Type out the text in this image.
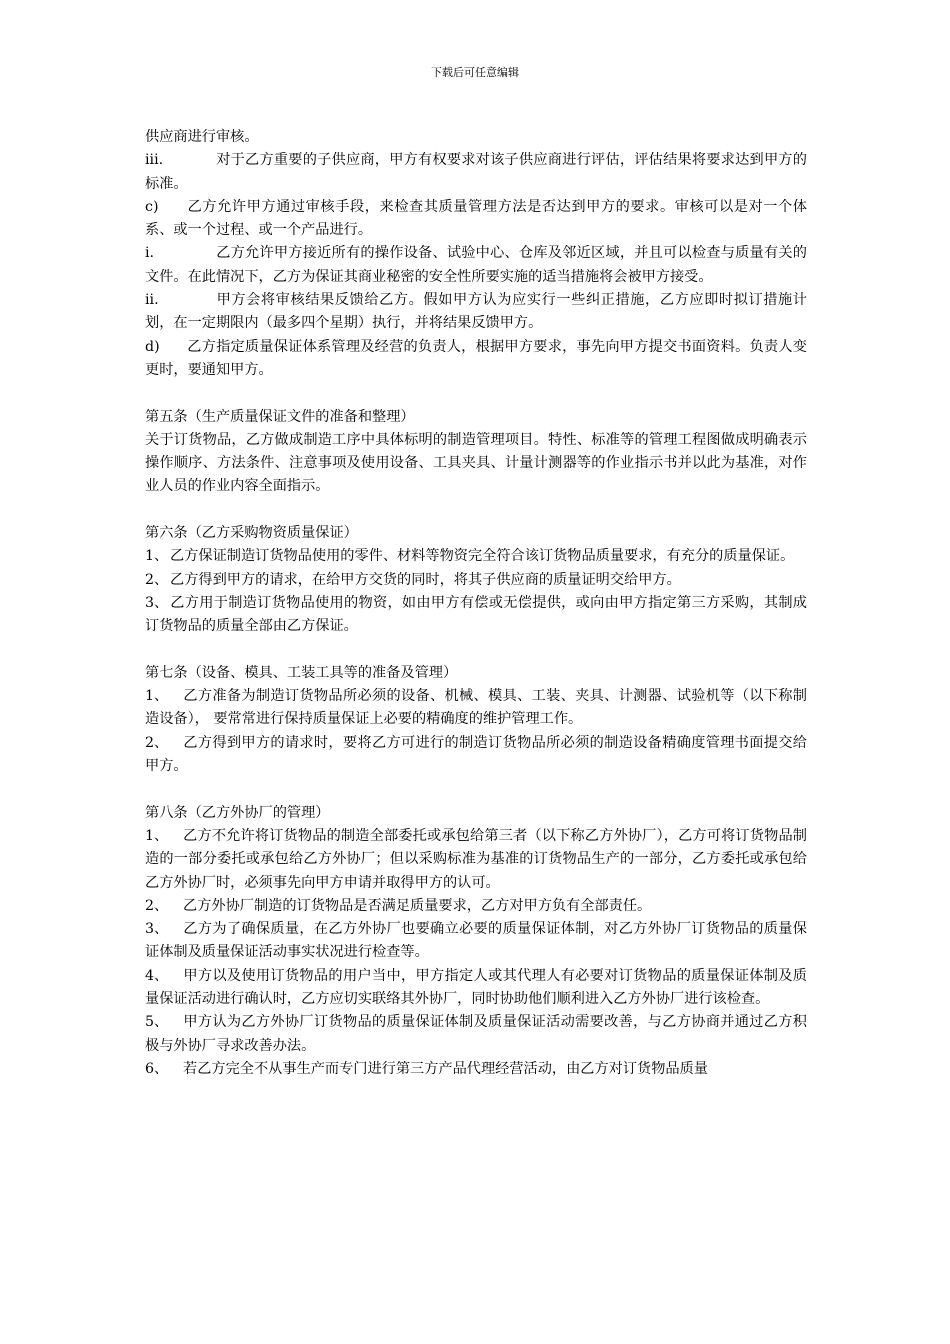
下载后可任意编辑

供应商进行审核。

iii.	对于乙方重要的子供应商，甲方有权要求对该子供应商进行评估，评估结果将要求达到甲方的标准。

c) 乙方允许甲方通过审核手段，来检查其质量管理方法是否达到甲方的要求。审核可以是对一个体系、或一个过程、或一个产品进行。

i.	乙方允许甲方接近所有的操作设备、试验中心、仓库及邻近区域，并且可以检查与质量有关的文件。在此情况下，乙方为保证其商业秘密的安全性所要实施的适当措施将会被甲方接受。

ii.	甲方会将审核结果反馈给乙方。假如甲方认为应实行一些纠正措施，乙方应即时拟订措施计划，在一定期限内（最多四个星期）执行，并将结果反馈甲方。

d) 乙方指定质量保证体系管理及经营的负责人，根据甲方要求，事先向甲方提交书面资料。负责人变更时，要通知甲方。

第五条（生产质量保证文件的准备和整理）

关于订货物品，乙方做成制造工序中具体标明的制造管理项目。特性、标准等的管理工程图做成明确表示操作顺序、方法条件、注意事项及使用设备、工具夹具、计量计测器等的作业指示书并以此为基准，对作业人员的作业内容全面指示。

第六条（乙方采购物资质量保证）

1、 乙方保证制造订货物品使用的零件、材料等物资完全符合该订货物品质量要求，有充分的质量保证。

2、 乙方得到甲方的请求，在给甲方交货的同时，将其子供应商的质量证明交给甲方。

3、 乙方用于制造订货物品使用的物资，如由甲方有偿或无偿提供，或向由甲方指定第三方采购，其制成订货物品的质量全部由乙方保证。

第七条（设备、模具、工装工具等的准备及管理）

1、 乙方准备为制造订货物品所必须的设备、机械、模具、工装、夹具、计测器、试验机等（以下称制造设备）， 要常常进行保持质量保证上必要的精确度的维护管理工作。

2、 乙方得到甲方的请求时，要将乙方可进行的制造订货物品所必须的制造设备精确度管理书面提交给甲方。

第八条（乙方外协厂的管理）

1、 乙方不允许将订货物品的制造全部委托或承包给第三者（以下称乙方外协厂），乙方可将订货物品制造的一部分委托或承包给乙方外协厂；但以采购标准为基准的订货物品生产的一部分，乙方委托或承包给乙方外协厂时，必须事先向甲方申请并取得甲方的认可。

2、 乙方外协厂制造的订货物品是否满足质量要求，乙方对甲方负有全部责任。

3、 乙方为了确保质量，在乙方外协厂也要确立必要的质量保证体制，对乙方外协厂订货物品的质量保证体制及质量保证活动事实状况进行检查等。

4、 甲方以及使用订货物品的用户当中，甲方指定人或其代理人有必要对订货物品的质量保证体制及质量保证活动进行确认时，乙方应切实联络其外协厂，同时协助他们顺利进入乙方外协厂进行该检查。

5、 甲方认为乙方外协厂订货物品的质量保证体制及质量保证活动需要改善，与乙方协商并通过乙方积极与外协厂寻求改善办法。

6、 若乙方完全不从事生产而专门进行第三方产品代理经营活动，由乙方对订货物品质量
